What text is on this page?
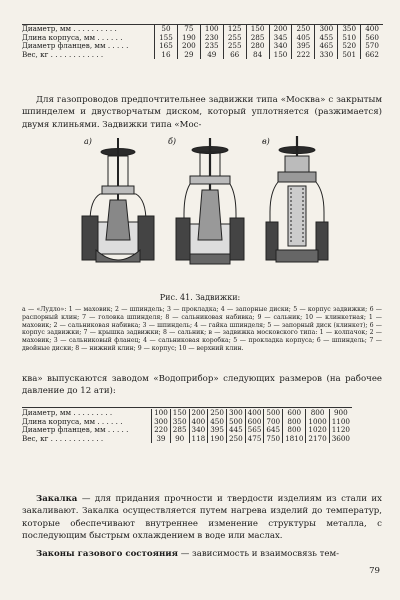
Диаметр, мм . . . . . . . . . .	50	75	100	125	150	200	250	300	350	400
Длина корпуса, мм . . . . . .	155	190	230	255	285	345	405	455	510	560
Диаметр фланцев, мм . . . . .	165	200	235	255	280	340	395	465	520	570
Вес, кг . . . . . . . . . . . .	16	29	49	66	84	150	222	330	501	662
Для газопроводов предпочтительнее задвижки типа «Москва» с закрытым шпинделем и двустворчатым диском, который уплотняется (разжимается) двумя клиньями. Задвижки типа «Мос-
а)	б)	в)
Рис. 41. Задвижки:
а — «Лудло»: 1 — маховик; 2 — шпиндель; 3 — прокладка; 4 — запорные диски; 5 — корпус задвижки; 6 — распорный клин; 7 — головка шпинделя; 8 — сальниковая набивка; 9 — сальник; 10 — клинкетная; 1 — маховик; 2 — сальниковая набивка; 3 — шпиндель; 4 — гайка шпинделя; 5 — запорный диск (клинкет); 6 — корпус задвижки; 7 — крышка задвижки; 8 — сальник; в — задвижка московского типа: 1 — колпачок; 2 — маховик; 3 — сальниковый фланец; 4 — сальниковая коробка; 5 — прокладка корпуса; 6 — шпиндель; 7 — двойные диски; 8 — нижний клин; 9 — корпус; 10 — верхний клин.
ква» выпускаются заводом «Водоприбор» следующих размеров (на рабочее давление до 12 ати):
Диаметр, мм . . . . . . . . .	100	150	200	250	300	400	500	600	800	900
Длина корпуса, мм . . . . . .	300	350	400	450	500	600	700	800	1000	1100
Диаметр фланцев, мм . . . . .	220	285	340	395	445	565	645	800	1020	1120
Вес, кг . . . . . . . . . . . .	39	90	118	190	250	475	750	1810	2170	3600
Закалка — для придания прочности и твердости изделиям из стали их закаливают. Закалка осуществляется путем нагрева изделий до температур, которые обеспечивают внутреннее изменение структуры металла, с последующим быстрым охлаждением в воде или маслах.
Законы газового состояния — зависимость и взаимосвязь тем-
79
